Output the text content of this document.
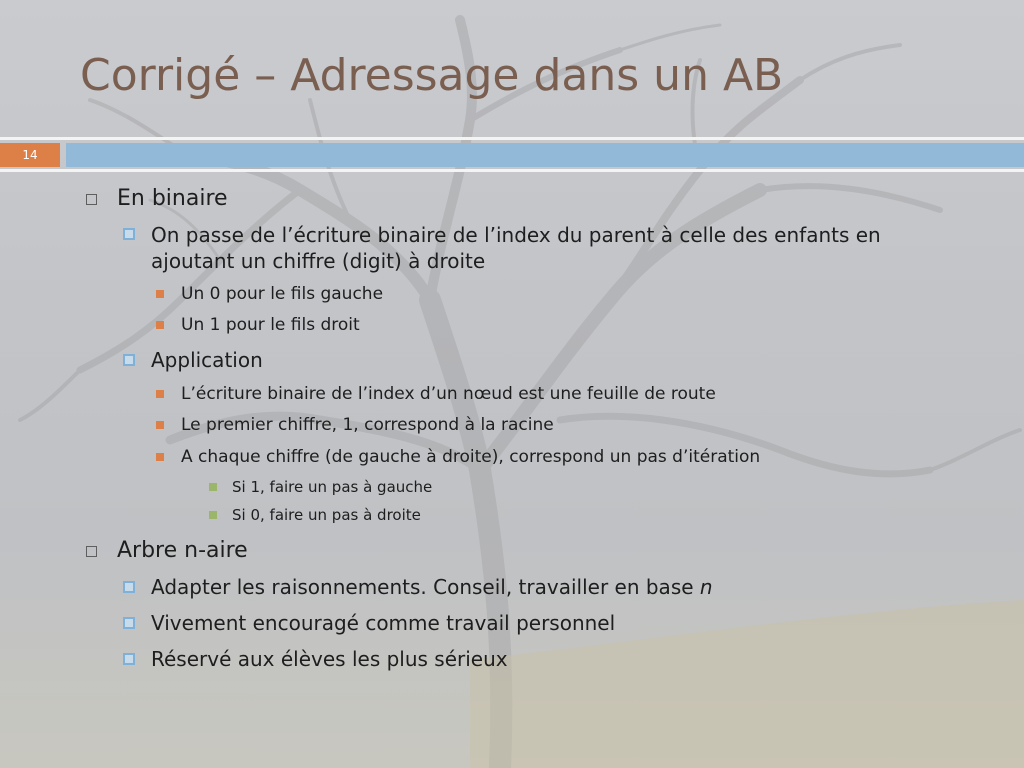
Corrigé – Adressage dans un AB
14
En binaire
On passe de l’écriture binaire de l’index du parent à celle des enfants en ajoutant un chiffre (digit) à droite
Un 0 pour le fils gauche
Un 1 pour le fils droit
Application
L’écriture binaire de l’index d’un nœud est une feuille de route
Le premier chiffre, 1, correspond à la racine
A chaque chiffre (de gauche à droite), correspond un pas d’itération
Si 1, faire un pas à gauche
Si 0, faire un pas à droite
Arbre n-aire
Adapter les raisonnements. Conseil, travailler en base n
Vivement encouragé comme travail personnel
Réservé aux élèves les plus sérieux
